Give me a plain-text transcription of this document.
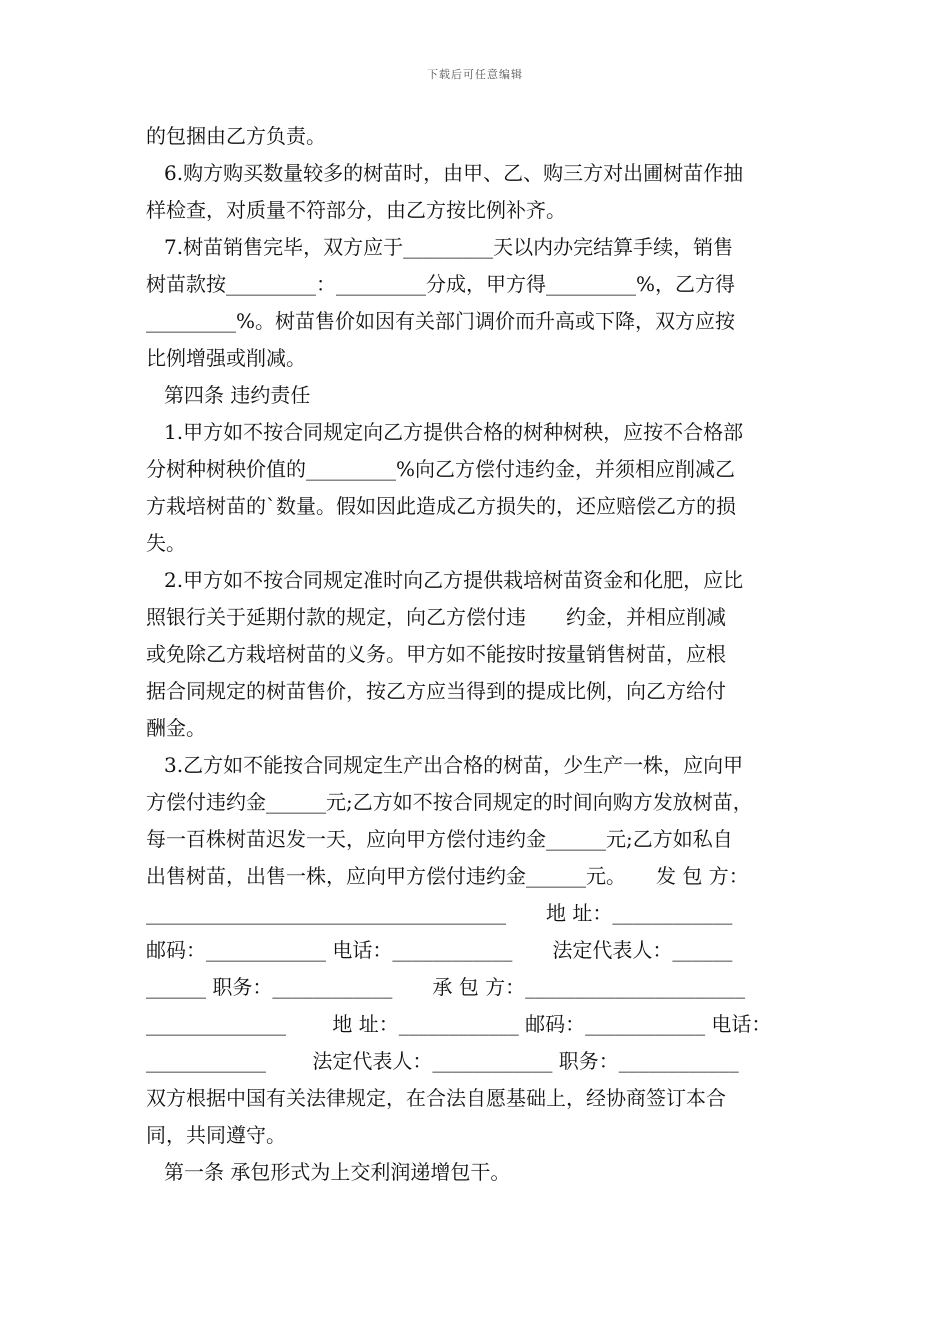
下载后可任意编辑
的包捆由乙方负责。
6.购方购买数量较多的树苗时，由甲、乙、购三方对出圃树苗作抽
样检查，对质量不符部分，由乙方按比例补齐。
7.树苗销售完毕，双方应于_________天以内办完结算手续，销售
树苗款按_________：_________分成，甲方得_________%，乙方得
_________%。树苗售价如因有关部门调价而升高或下降，双方应按
比例增强或削减。
第四条 违约责任
1.甲方如不按合同规定向乙方提供合格的树种树秧，应按不合格部
分树种树秧价值的_________%向乙方偿付违约金，并须相应削减乙
方栽培树苗的`数量。假如因此造成乙方损失的，还应赔偿乙方的损
失。
2.甲方如不按合同规定准时向乙方提供栽培树苗资金和化肥，应比
照银行关于延期付款的规定，向乙方偿付违　　约金，并相应削减
或免除乙方栽培树苗的义务。甲方如不能按时按量销售树苗，应根
据合同规定的树苗售价，按乙方应当得到的提成比例，向乙方给付
酬金。
3.乙方如不能按合同规定生产出合格的树苗，少生产一株，应向甲
方偿付违约金______元;乙方如不按合同规定的时间向购方发放树苗，
每一百株树苗迟发一天，应向甲方偿付违约金______元;乙方如私自
出售树苗，出售一株，应向甲方偿付违约金______元。　　发 包 方：
____________________________________　　地 址：____________
邮码：____________ 电话：____________　　法定代表人：______
______ 职务：____________　　承 包 方：______________________
______________　　 地 址：____________ 邮码：____________ 电话：
____________　　 法定代表人：____________ 职务：____________
双方根据中国有关法律规定，在合法自愿基础上，经协商签订本合
同，共同遵守。
第一条 承包形式为上交利润递增包干。
